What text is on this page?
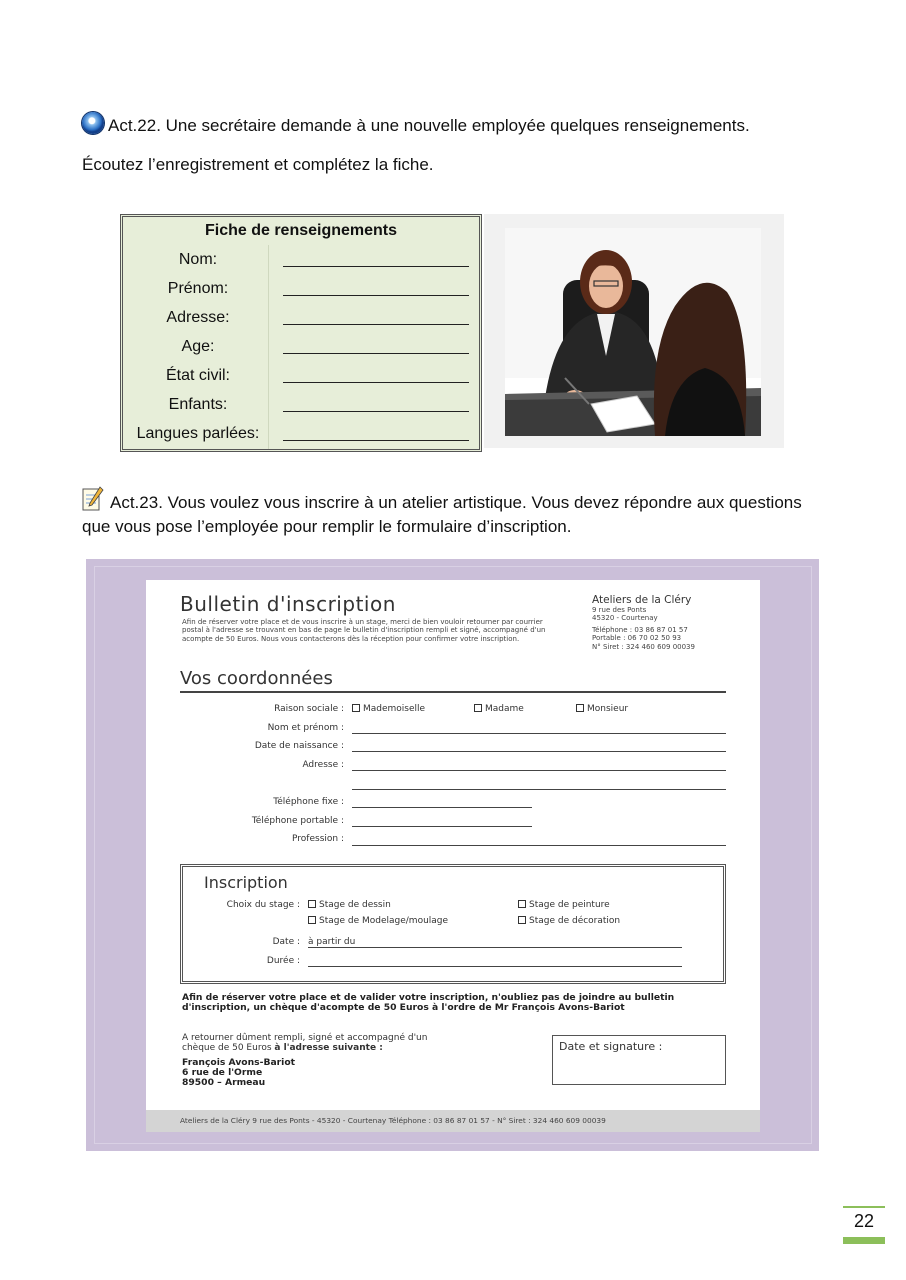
Act.22. Une secrétaire demande à une nouvelle employée quelques renseignements.
Écoutez l’enregistrement et complétez la fiche.
Fiche de renseignements
Nom:
Prénom:
Adresse:
Age:
État civil:
Enfants:
Langues parlées:
Act.23. Vous voulez vous inscrire à un atelier artistique. Vous devez répondre aux questions que vous pose l’employée pour remplir le formulaire d’inscription.
Bulletin d'inscription
Afin de réserver votre place et de vous inscrire à un stage, merci de bien vouloir retourner par courrier postal à l'adresse se trouvant en bas de page le bulletin d'inscription rempli et signé, accompagné d'un acompte de 50 Euros. Nous vous contacterons dès la réception pour confirmer votre inscription.
Ateliers de la Cléry
9 rue des Ponts
45320 - Courtenay
Téléphone : 03 86 87 01 57
Portable : 06 70 02 50 93
N° Siret : 324 460 609 00039
Vos coordonnées
Raison sociale :	Mademoiselle	Madame	Monsieur
Nom et prénom :
Date de naissance :
Adresse :
Téléphone fixe :
Téléphone portable :
Profession :
Inscription
Choix du stage :	Stage de dessin	Stage de peinture
Stage de Modelage/moulage	Stage de décoration
Date : à partir du
Durée :
Afin de réserver votre place et de valider votre inscription, n'oubliez pas de joindre au bulletin d'inscription, un chèque d'acompte de 50 Euros à l'ordre de Mr François Avons-Bariot
A retourner dûment rempli, signé et accompagné d'un
chèque de 50 Euros à l'adresse suivante :
François Avons-Bariot
6 rue de l'Orme
89500 – Armeau
Date et signature :
Ateliers de la Cléry 9 rue des Ponts - 45320 - Courtenay Téléphone : 03 86 87 01 57 - N° Siret : 324 460 609 00039
22
